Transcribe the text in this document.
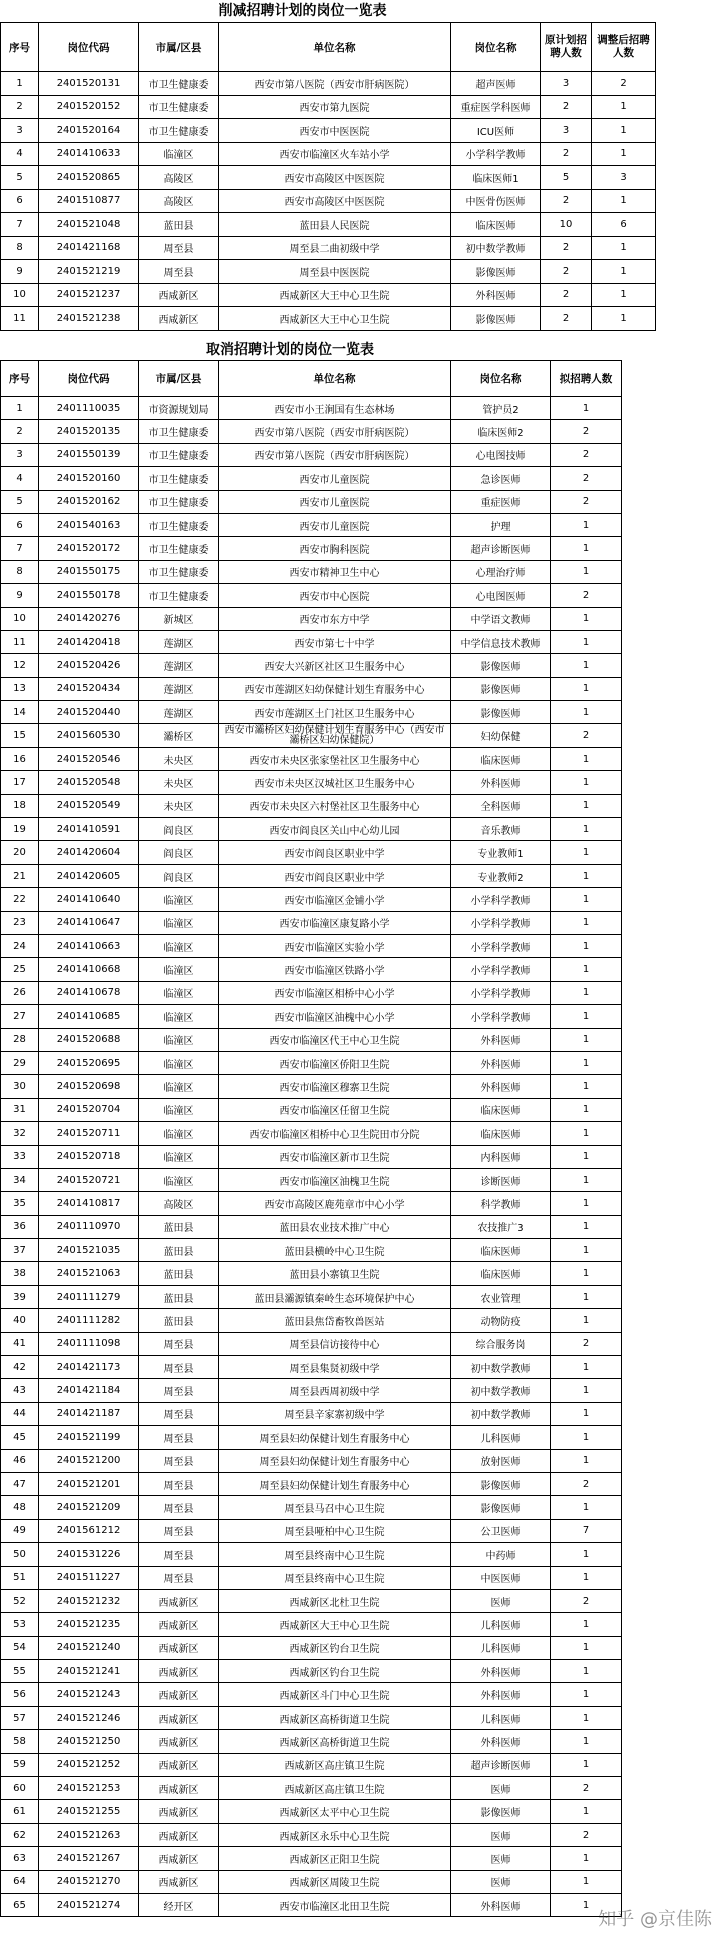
削减招聘计划的岗位一览表
序号	岗位代码	市属/区县	单位名称	岗位名称	原计划招聘人数	调整后招聘人数
1	2401520131	市卫生健康委	西安市第八医院（西安市肝病医院）	超声医师	3	2
2	2401520152	市卫生健康委	西安市第九医院	重症医学科医师	2	1
3	2401520164	市卫生健康委	西安市中医医院	ICU医师	3	1
4	2401410633	临潼区	西安市临潼区火车站小学	小学科学教师	2	1
5	2401520865	高陵区	西安市高陵区中医医院	临床医师1	5	3
6	2401510877	高陵区	西安市高陵区中医医院	中医骨伤医师	2	1
7	2401521048	蓝田县	蓝田县人民医院	临床医师	10	6
8	2401421168	周至县	周至县二曲初级中学	初中数学教师	2	1
9	2401521219	周至县	周至县中医医院	影像医师	2	1
10	2401521237	西咸新区	西咸新区大王中心卫生院	外科医师	2	1
11	2401521238	西咸新区	西咸新区大王中心卫生院	影像医师	2	1
取消招聘计划的岗位一览表
序号	岗位代码	市属/区县	单位名称	岗位名称	拟招聘人数
1	2401110035	市资源规划局	西安市小王涧国有生态林场	管护员2	1
2	2401520135	市卫生健康委	西安市第八医院（西安市肝病医院）	临床医师2	2
3	2401550139	市卫生健康委	西安市第八医院（西安市肝病医院）	心电图技师	2
4	2401520160	市卫生健康委	西安市儿童医院	急诊医师	2
5	2401520162	市卫生健康委	西安市儿童医院	重症医师	2
6	2401540163	市卫生健康委	西安市儿童医院	护理	1
7	2401520172	市卫生健康委	西安市胸科医院	超声诊断医师	1
8	2401550175	市卫生健康委	西安市精神卫生中心	心理治疗师	1
9	2401550178	市卫生健康委	西安市中心医院	心电图医师	2
10	2401420276	新城区	西安市东方中学	中学语文教师	1
11	2401420418	莲湖区	西安市第七十中学	中学信息技术教师	1
12	2401520426	莲湖区	西安大兴新区社区卫生服务中心	影像医师	1
13	2401520434	莲湖区	西安市莲湖区妇幼保健计划生育服务中心	影像医师	1
14	2401520440	莲湖区	西安市莲湖区土门社区卫生服务中心	影像医师	1
15	2401560530	灞桥区	西安市灞桥区妇幼保健计划生育服务中心（西安市灞桥区妇幼保健院）	妇幼保健	2
16	2401520546	未央区	西安市未央区张家堡社区卫生服务中心	临床医师	1
17	2401520548	未央区	西安市未央区汉城社区卫生服务中心	外科医师	1
18	2401520549	未央区	西安市未央区六村堡社区卫生服务中心	全科医师	1
19	2401410591	阎良区	西安市阎良区关山中心幼儿园	音乐教师	1
20	2401420604	阎良区	西安市阎良区职业中学	专业教师1	1
21	2401420605	阎良区	西安市阎良区职业中学	专业教师2	1
22	2401410640	临潼区	西安市临潼区金铺小学	小学科学教师	1
23	2401410647	临潼区	西安市临潼区康复路小学	小学科学教师	1
24	2401410663	临潼区	西安市临潼区实验小学	小学科学教师	1
25	2401410668	临潼区	西安市临潼区铁路小学	小学科学教师	1
26	2401410678	临潼区	西安市临潼区相桥中心小学	小学科学教师	1
27	2401410685	临潼区	西安市临潼区油槐中心小学	小学科学教师	1
28	2401520688	临潼区	西安市临潼区代王中心卫生院	外科医师	1
29	2401520695	临潼区	西安市临潼区侨阳卫生院	外科医师	1
30	2401520698	临潼区	西安市临潼区穆寨卫生院	外科医师	1
31	2401520704	临潼区	西安市临潼区任留卫生院	临床医师	1
32	2401520711	临潼区	西安市临潼区相桥中心卫生院田市分院	临床医师	1
33	2401520718	临潼区	西安市临潼区新市卫生院	内科医师	1
34	2401520721	临潼区	西安市临潼区油槐卫生院	诊断医师	1
35	2401410817	高陵区	西安市高陵区鹿苑章市中心小学	科学教师	1
36	2401110970	蓝田县	蓝田县农业技术推广中心	农技推广3	1
37	2401521035	蓝田县	蓝田县横岭中心卫生院	临床医师	1
38	2401521063	蓝田县	蓝田县小寨镇卫生院	临床医师	1
39	2401111279	蓝田县	蓝田县灞源镇秦岭生态环境保护中心	农业管理	1
40	2401111282	蓝田县	蓝田县焦岱畜牧兽医站	动物防疫	1
41	2401111098	周至县	周至县信访接待中心	综合服务岗	2
42	2401421173	周至县	周至县集贤初级中学	初中数学教师	1
43	2401421184	周至县	周至县西周初级中学	初中数学教师	1
44	2401421187	周至县	周至县辛家寨初级中学	初中数学教师	1
45	2401521199	周至县	周至县妇幼保健计划生育服务中心	儿科医师	1
46	2401521200	周至县	周至县妇幼保健计划生育服务中心	放射医师	1
47	2401521201	周至县	周至县妇幼保健计划生育服务中心	影像医师	2
48	2401521209	周至县	周至县马召中心卫生院	影像医师	1
49	2401561212	周至县	周至县哑柏中心卫生院	公卫医师	7
50	2401531226	周至县	周至县终南中心卫生院	中药师	1
51	2401511227	周至县	周至县终南中心卫生院	中医医师	1
52	2401521232	西咸新区	西咸新区北杜卫生院	医师	2
53	2401521235	西咸新区	西咸新区大王中心卫生院	儿科医师	1
54	2401521240	西咸新区	西咸新区钓台卫生院	儿科医师	1
55	2401521241	西咸新区	西咸新区钓台卫生院	外科医师	1
56	2401521243	西咸新区	西咸新区斗门中心卫生院	外科医师	1
57	2401521246	西咸新区	西咸新区高桥街道卫生院	儿科医师	1
58	2401521250	西咸新区	西咸新区高桥街道卫生院	外科医师	1
59	2401521252	西咸新区	西咸新区高庄镇卫生院	超声诊断医师	1
60	2401521253	西咸新区	西咸新区高庄镇卫生院	医师	2
61	2401521255	西咸新区	西咸新区太平中心卫生院	影像医师	1
62	2401521263	西咸新区	西咸新区永乐中心卫生院	医师	2
63	2401521267	西咸新区	西咸新区正阳卫生院	医师	1
64	2401521270	西咸新区	西咸新区周陵卫生院	医师	1
65	2401521274	经开区	西安市临潼区北田卫生院	外科医师	1
知乎 @京佳陈
